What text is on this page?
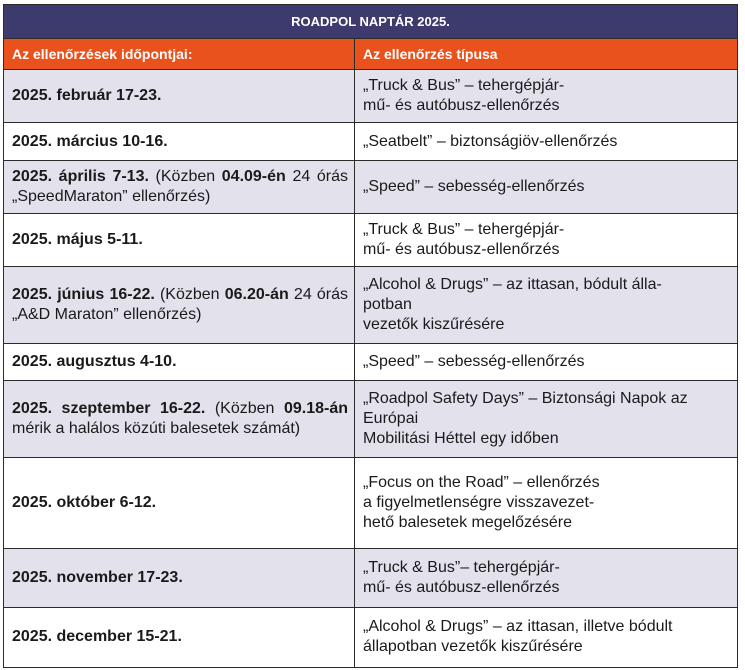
ROADPOL NAPTÁR 2025.	
Az ellenőrzések időpontjai:	Az ellenőrzés típusa

2025. február 17-23.	„Truck & Bus” – tehergépjár-
mű- és autóbusz-ellenőrzés

2025. március 10-16.	„Seatbelt” – biztonságiöv-ellenőrzés

2025. április 7-13. (Közben 04.09-én 24 órás „SpeedMaraton” ellenőrzés)	„Speed” – sebesség-ellenőrzés

2025. május 5-11.	„Truck & Bus” – tehergépjár-
mű- és autóbusz-ellenőrzés

2025. június 16-22. (Közben 06.20-án 24 órás „A&D Maraton” ellenőrzés)	„Alcohol & Drugs” – az ittasan, bódult álla-
potban
vezetők kiszűrésére

2025. augusztus 4-10.	„Speed” – sebesség-ellenőrzés

2025. szeptember 16-22. (Közben 09.18-án mérik a halálos közúti balesetek számát)	„Roadpol Safety Days” – Biztonsági Napok az
Európai
Mobilitási Héttel egy időben

2025. október 6-12.	„Focus on the Road” – ellenőrzés
a figyelmetlenségre visszavezet-
hető balesetek megelőzésére

2025. november 17-23.	„Truck & Bus”– tehergépjár-
mű- és autóbusz-ellenőrzés

2025. december 15-21.	„Alcohol & Drugs” – az ittasan, illetve bódult
állapotban vezetők kiszűrésére
